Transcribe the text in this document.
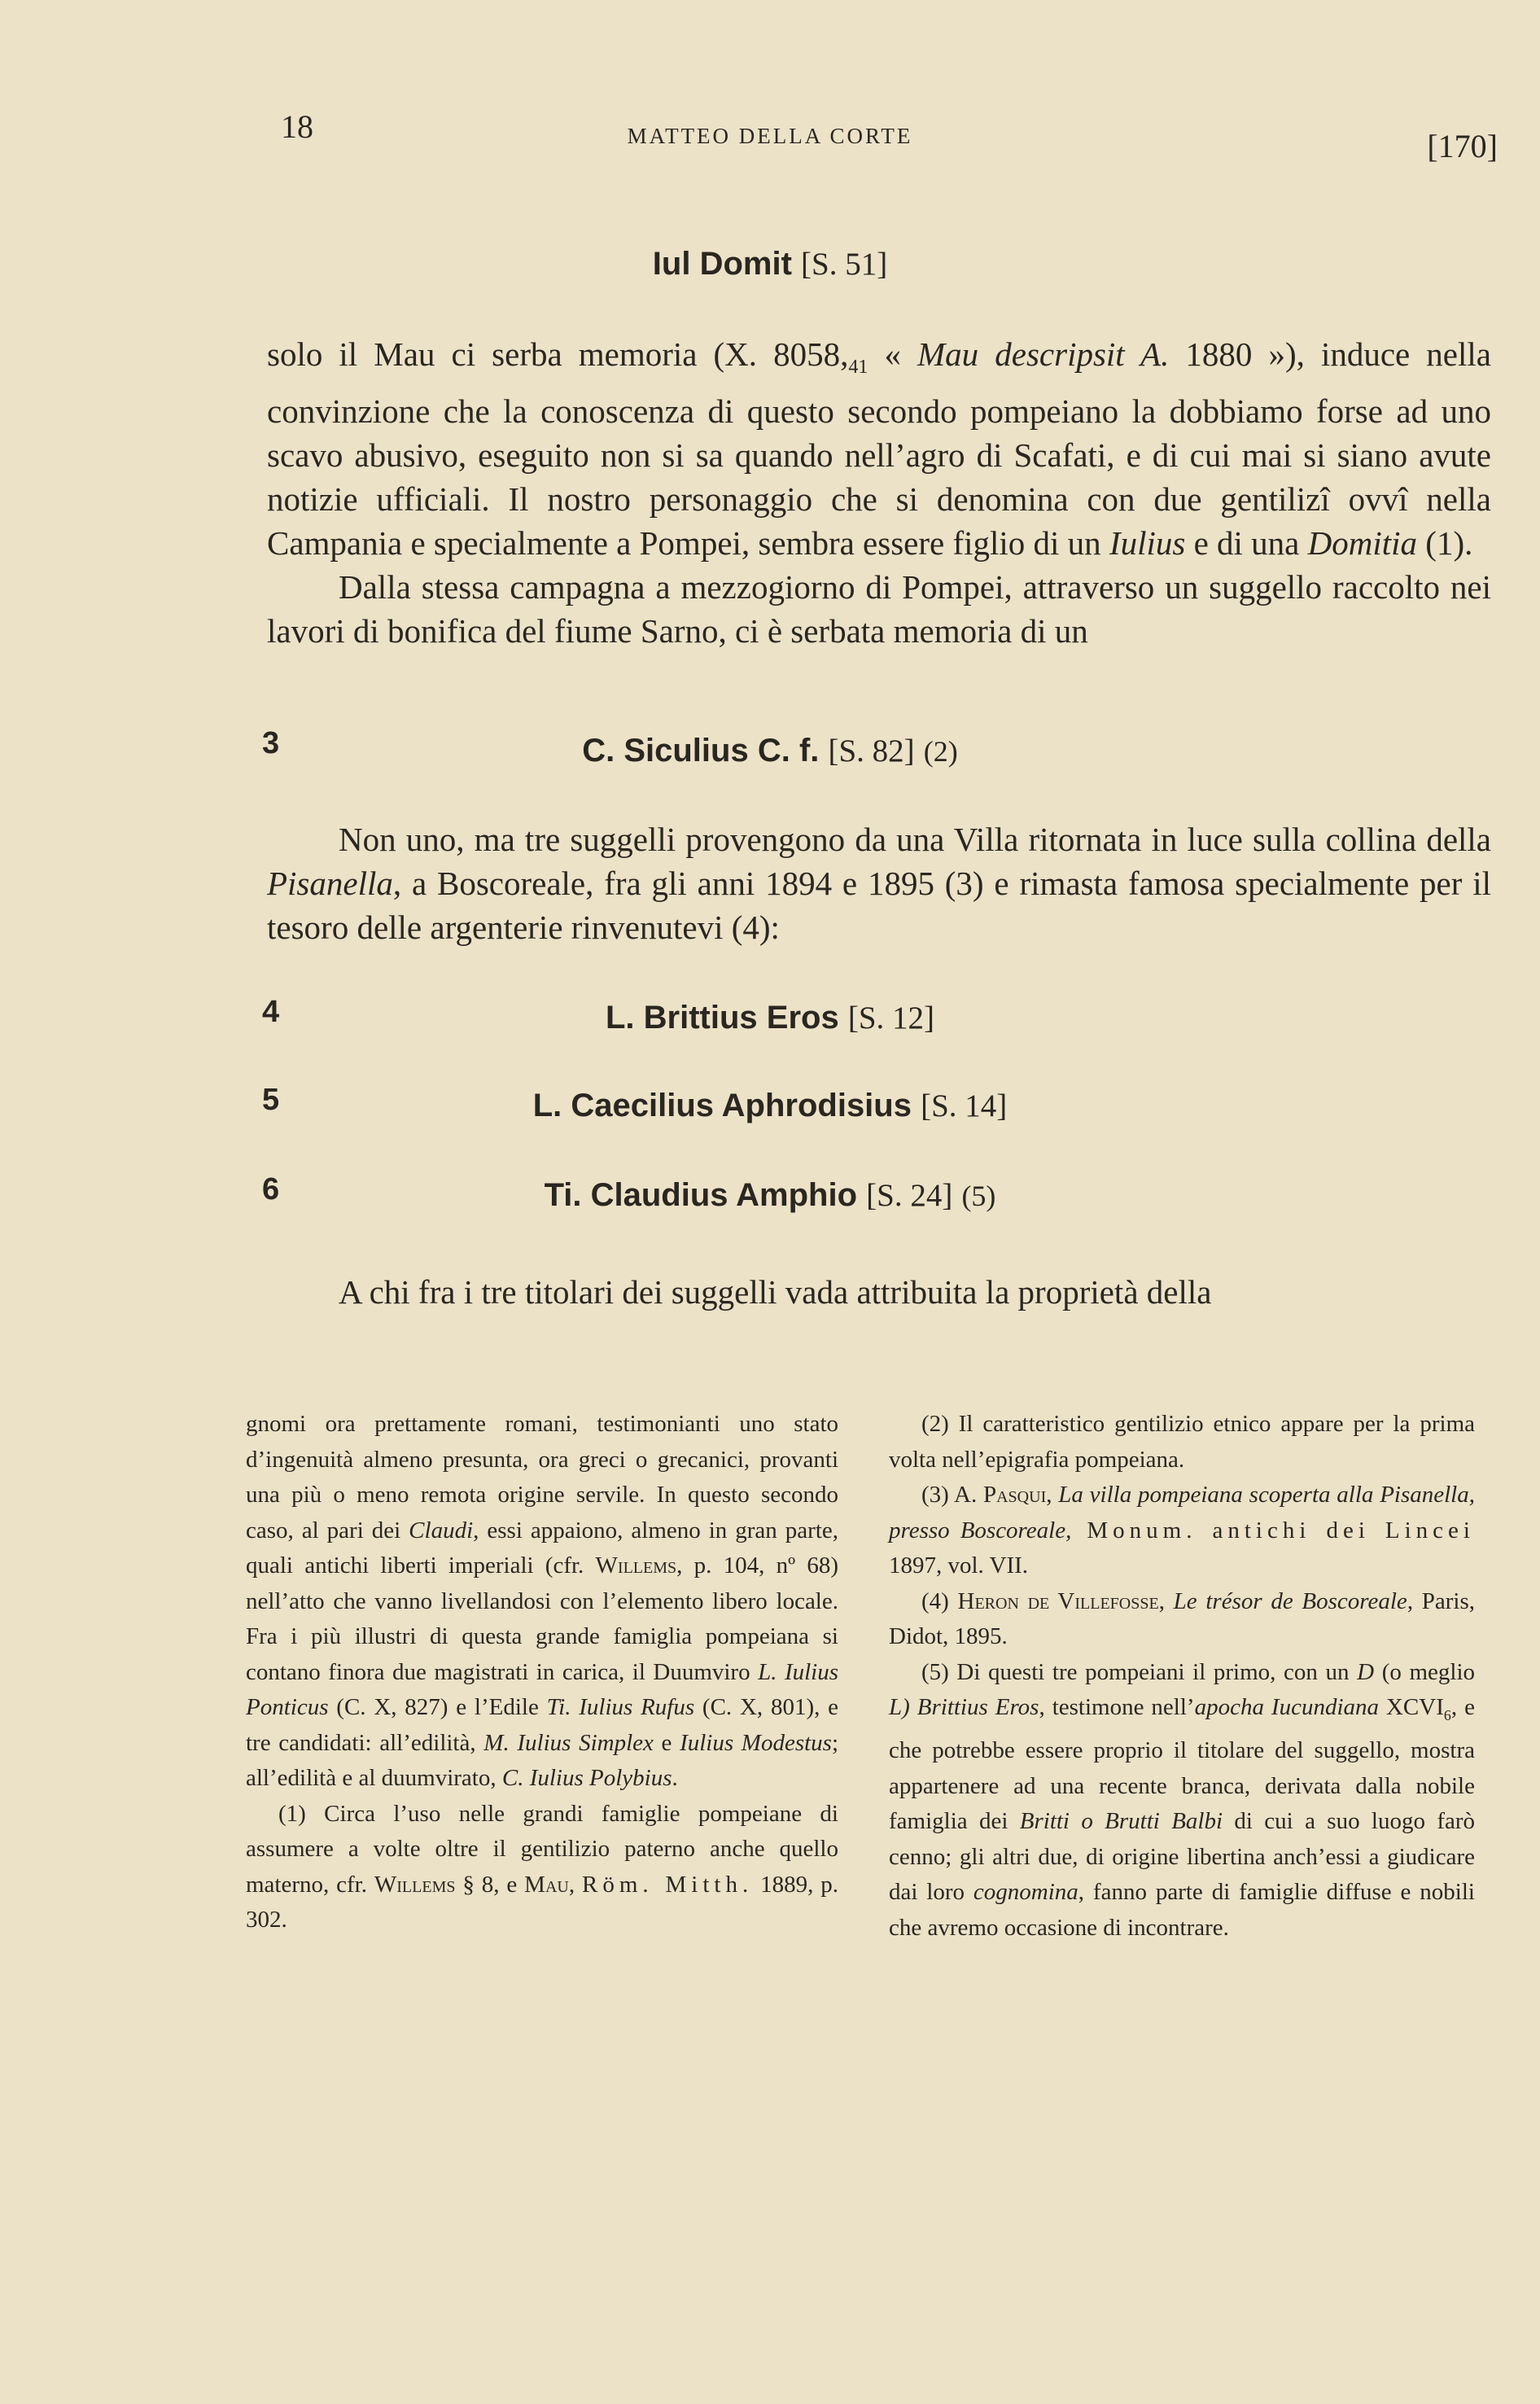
18	MATTEO DELLA CORTE	[170]
Iul Domit [S. 51]

solo il Mau ci serba memoria (X. $8058,_{41}$ « Mau descripsit A. 1880 »), induce nella convinzione che la conoscenza di questo secondo pompeiano la dobbiamo forse ad uno scavo abusivo, eseguito non si sa quando nell’agro di Scafati, e di cui mai si siano avute notizie ufficiali. Il nostro personaggio che si denomina con due gentilizî ovvî nella Campania e specialmente a Pompei, sembra essere figlio di un Iulius e di una Domitia (1).

Dalla stessa campagna a mezzogiorno di Pompei, attraverso un suggello raccolto nei lavori di bonifica del fiume Sarno, ci è serbata memoria di un

3	C. Siculius C. f. [S. 82] (2)

Non uno, ma tre suggelli provengono da una Villa ritornata in luce sulla collina della Pisanella, a Boscoreale, fra gli anni 1894 e 1895 (3) e rimasta famosa specialmente per il tesoro delle argenterie rinvenutevi (4):

4	L. Brittius Eros [S. 12]
5	L. Caecilius Aphrodisius [S. 14]
6	Ti. Claudius Amphio [S. 24] (5)

A chi fra i tre titolari dei suggelli vada attribuita la proprietà della

gnomi ora prettamente romani, testimonianti uno stato d’ingenuità almeno presunta, ora greci o grecanici, provanti una più o meno remota origine servile. In questo secondo caso, al pari dei Claudi, essi appaiono, almeno in gran parte, quali antichi liberti imperiali (cfr. Willems, p. 104, nº 68) nell’atto che vanno livellandosi con l’elemento libero locale. Fra i più illustri di questa grande famiglia pompeiana si contano finora due magistrati in carica, il Duumviro L. Iulius Ponticus (C. X, 827) e l’Edile Ti. Iulius Rufus (C. X, 801), e tre candidati: all’edilità, M. Iulius Simplex e Iulius Modestus; all’edilità e al duumvirato, C. Iulius Polybius.

(1) Circa l’uso nelle grandi famiglie pompeiane di assumere a volte oltre il gentilizio paterno anche quello materno, cfr. Willems § 8, e Mau, Röm. Mitth. 1889, p. 302.

(2) Il caratteristico gentilizio etnico appare per la prima volta nell’epigrafia pompeiana.

(3) A. Pasqui, La villa pompeiana scoperta alla Pisanella, presso Boscoreale, Monum. antichi dei Lincei 1897, vol. VII.

(4) Heron de Villefosse, Le trésor de Boscoreale, Paris, Didot, 1895.

(5) Di questi tre pompeiani il primo, con un D (o meglio L) Brittius Eros, testimone nell’apocha Iucundiana $XCVI_6$, e che potrebbe essere proprio il titolare del suggello, mostra appartenere ad una recente branca, derivata dalla nobile famiglia dei Britti o Brutti Balbi di cui a suo luogo farò cenno; gli altri due, di origine libertina anch’essi a giudicare dai loro cognomina, fanno parte di famiglie diffuse e nobili che avremo occasione di incontrare.
